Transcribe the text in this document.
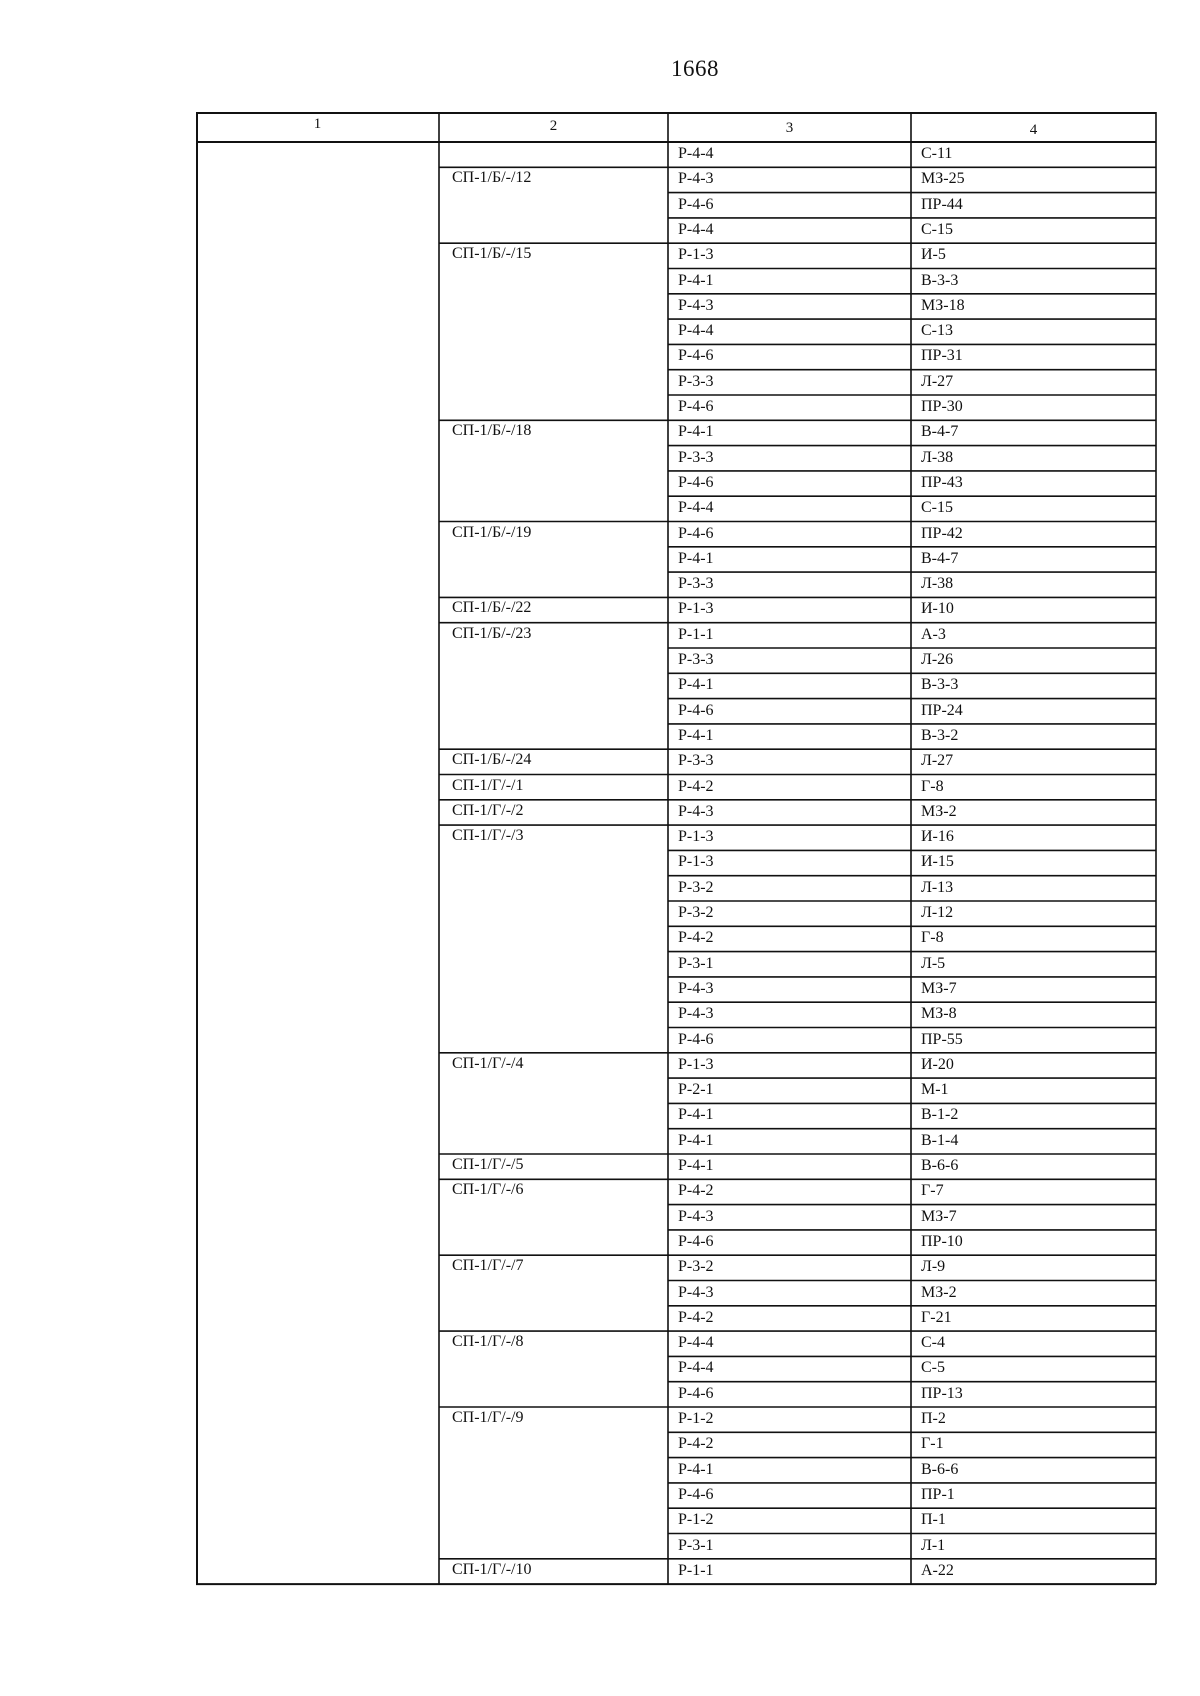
1668
1	2	3	4
Р-4-4	С-11
СП-1/Б/-/12	Р-4-3	МЗ-25
Р-4-6	ПР-44
Р-4-4	С-15
СП-1/Б/-/15	Р-1-3	И-5
Р-4-1	В-3-3
Р-4-3	МЗ-18
Р-4-4	С-13
Р-4-6	ПР-31
Р-3-3	Л-27
Р-4-6	ПР-30
СП-1/Б/-/18	Р-4-1	В-4-7
Р-3-3	Л-38
Р-4-6	ПР-43
Р-4-4	С-15
СП-1/Б/-/19	Р-4-6	ПР-42
Р-4-1	В-4-7
Р-3-3	Л-38
СП-1/Б/-/22	Р-1-3	И-10
СП-1/Б/-/23	Р-1-1	А-3
Р-3-3	Л-26
Р-4-1	В-3-3
Р-4-6	ПР-24
Р-4-1	В-3-2
СП-1/Б/-/24	Р-3-3	Л-27
СП-1/Г/-/1	Р-4-2	Г-8
СП-1/Г/-/2	Р-4-3	МЗ-2
СП-1/Г/-/3	Р-1-3	И-16
Р-1-3	И-15
Р-3-2	Л-13
Р-3-2	Л-12
Р-4-2	Г-8
Р-3-1	Л-5
Р-4-3	МЗ-7
Р-4-3	МЗ-8
Р-4-6	ПР-55
СП-1/Г/-/4	Р-1-3	И-20
Р-2-1	М-1
Р-4-1	В-1-2
Р-4-1	В-1-4
СП-1/Г/-/5	Р-4-1	В-6-6
СП-1/Г/-/6	Р-4-2	Г-7
Р-4-3	МЗ-7
Р-4-6	ПР-10
СП-1/Г/-/7	Р-3-2	Л-9
Р-4-3	МЗ-2
Р-4-2	Г-21
СП-1/Г/-/8	Р-4-4	С-4
Р-4-4	С-5
Р-4-6	ПР-13
СП-1/Г/-/9	Р-1-2	П-2
Р-4-2	Г-1
Р-4-1	В-6-6
Р-4-6	ПР-1
Р-1-2	П-1
Р-3-1	Л-1
СП-1/Г/-/10	Р-1-1	А-22
